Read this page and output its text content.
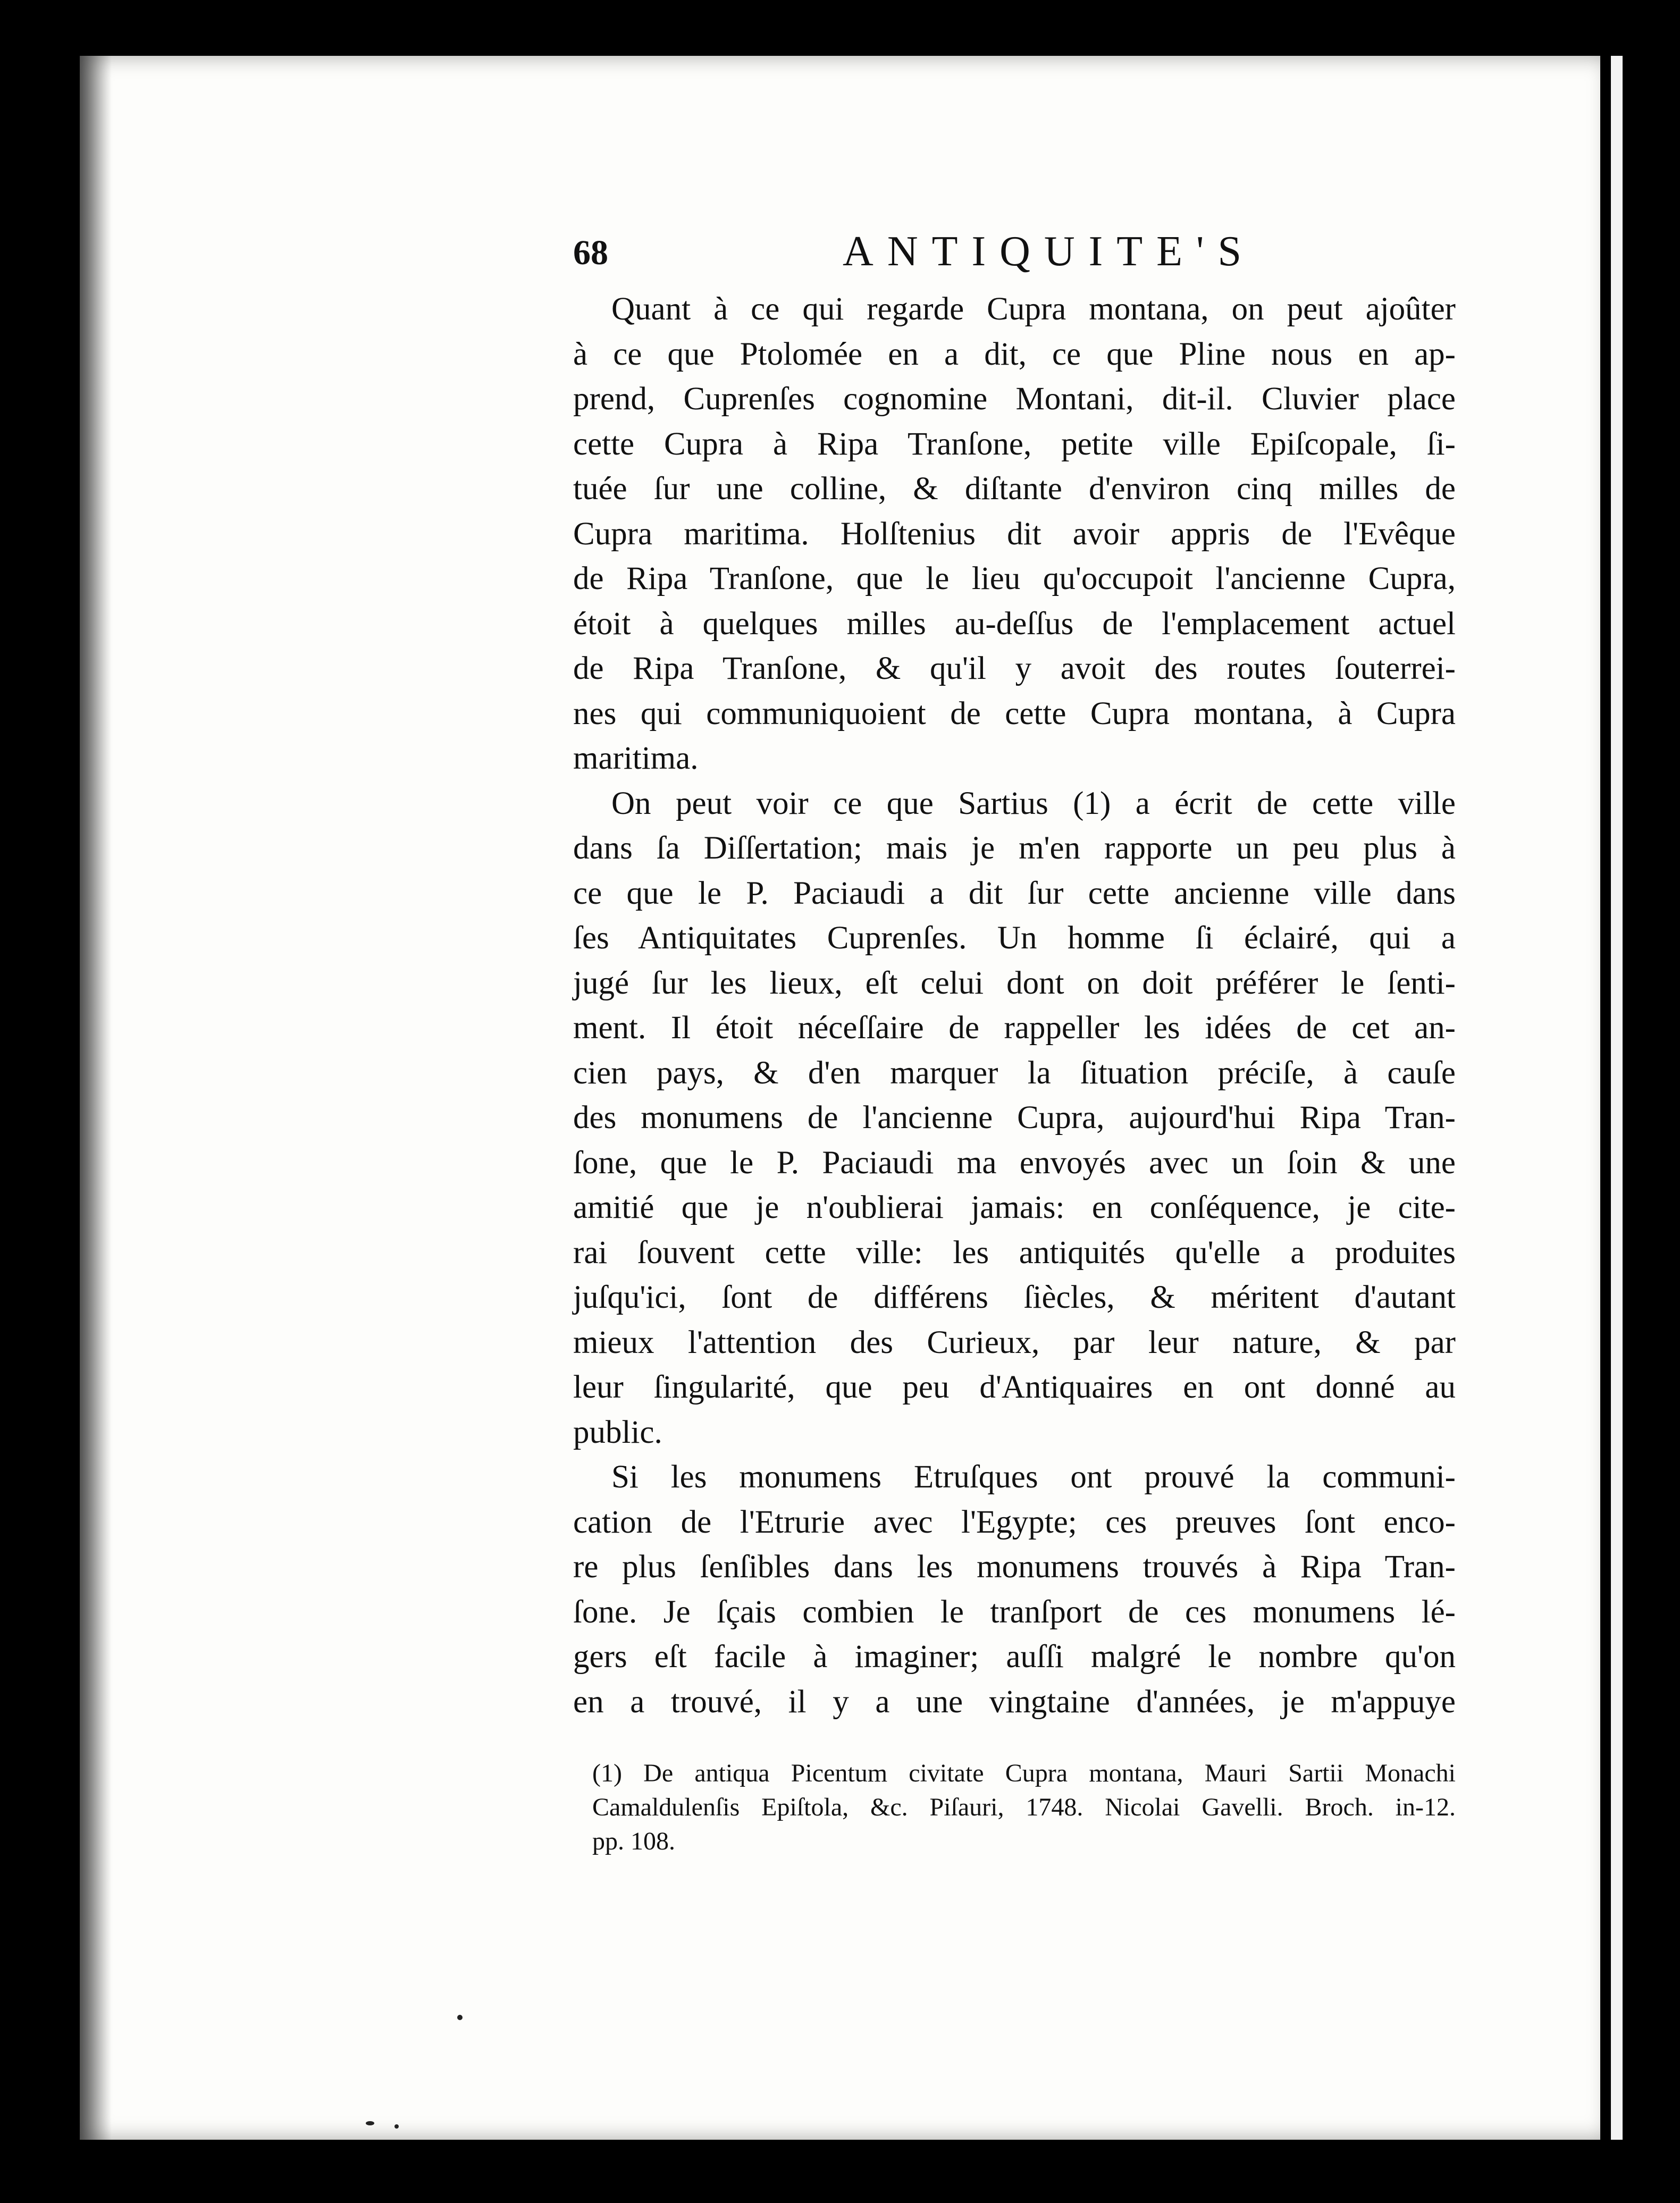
68	ANTIQUITE'S

Quant à ce qui regarde Cupra montana, on peut ajoûter
à ce que Ptolomée en a dit, ce que Pline nous en ap-
prend, Cuprenſes cognomine Montani, dit-il. Cluvier place
cette Cupra à Ripa Tranſone, petite ville Epiſcopale, ſi-
tuée ſur une colline, & diſtante d'environ cinq milles de
Cupra maritima. Holſtenius dit avoir appris de l'Evêque
de Ripa Tranſone, que le lieu qu'occupoit l'ancienne Cupra,
étoit à quelques milles au-deſſus de l'emplacement actuel
de Ripa Tranſone, & qu'il y avoit des routes ſouterrei-
nes qui communiquoient de cette Cupra montana, à Cupra
maritima.

On peut voir ce que Sartius (1) a écrit de cette ville
dans ſa Diſſertation; mais je m'en rapporte un peu plus à
ce que le P. Paciaudi a dit ſur cette ancienne ville dans
ſes Antiquitates Cuprenſes. Un homme ſi éclairé, qui a
jugé ſur les lieux, eſt celui dont on doit préférer le ſenti-
ment. Il étoit néceſſaire de rappeller les idées de cet an-
cien pays, & d'en marquer la ſituation préciſe, à cauſe
des monumens de l'ancienne Cupra, aujourd'hui Ripa Tran-
ſone, que le P. Paciaudi ma envoyés avec un ſoin & une
amitié que je n'oublierai jamais: en conſéquence, je cite-
rai ſouvent cette ville: les antiquités qu'elle a produites
juſqu'ici, ſont de différens ſiècles, & méritent d'autant
mieux l'attention des Curieux, par leur nature, & par
leur ſingularité, que peu d'Antiquaires en ont donné au
public.

Si les monumens Etruſques ont prouvé la communi-
cation de l'Etrurie avec l'Egypte; ces preuves ſont enco-
re plus ſenſibles dans les monumens trouvés à Ripa Tran-
ſone. Je ſçais combien le tranſport de ces monumens lé-
gers eſt facile à imaginer; auſſi malgré le nombre qu'on
en a trouvé, il y a une vingtaine d'années, je m'appuye

(1) De antiqua Picentum civitate Cupra montana, Mauri Sartii Monachi
Camaldulenſis Epiſtola, &c. Piſauri, 1748. Nicolai Gavelli. Broch. in-12.
pp. 108.
